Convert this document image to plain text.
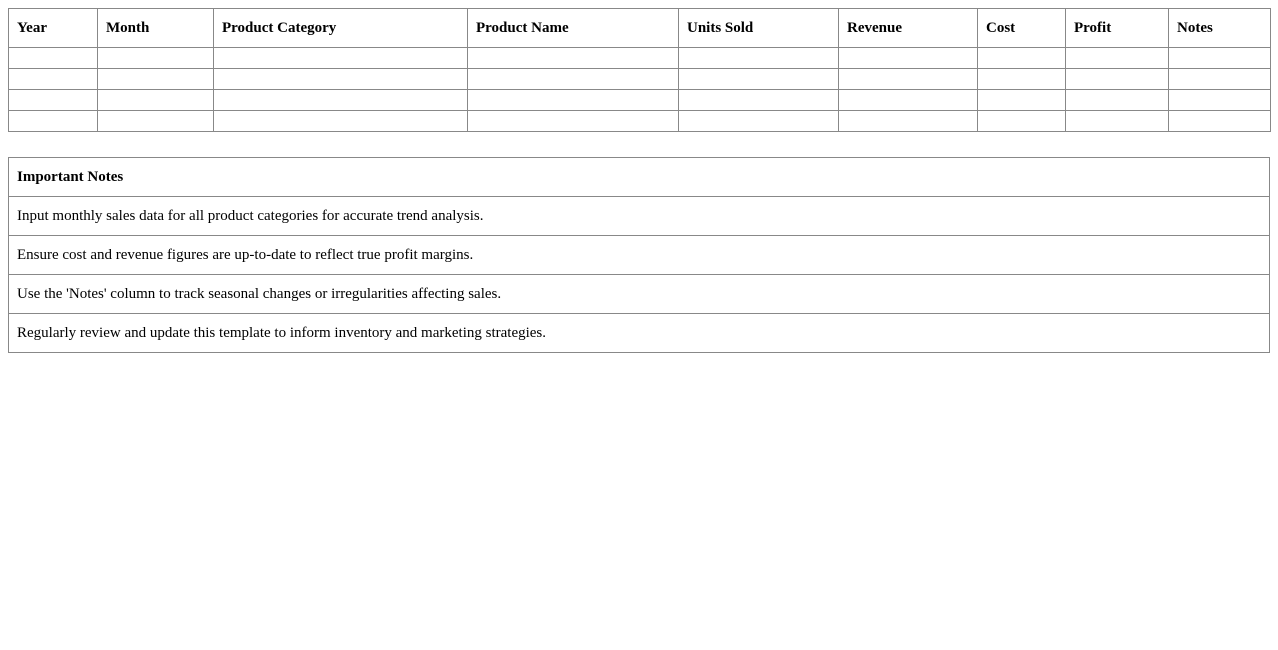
Year	Month	Product Category	Product Name	Units Sold	Revenue	Cost	Profit	Notes

Important Notes
Input monthly sales data for all product categories for accurate trend analysis.
Ensure cost and revenue figures are up-to-date to reflect true profit margins.
Use the 'Notes' column to track seasonal changes or irregularities affecting sales.
Regularly review and update this template to inform inventory and marketing strategies.
